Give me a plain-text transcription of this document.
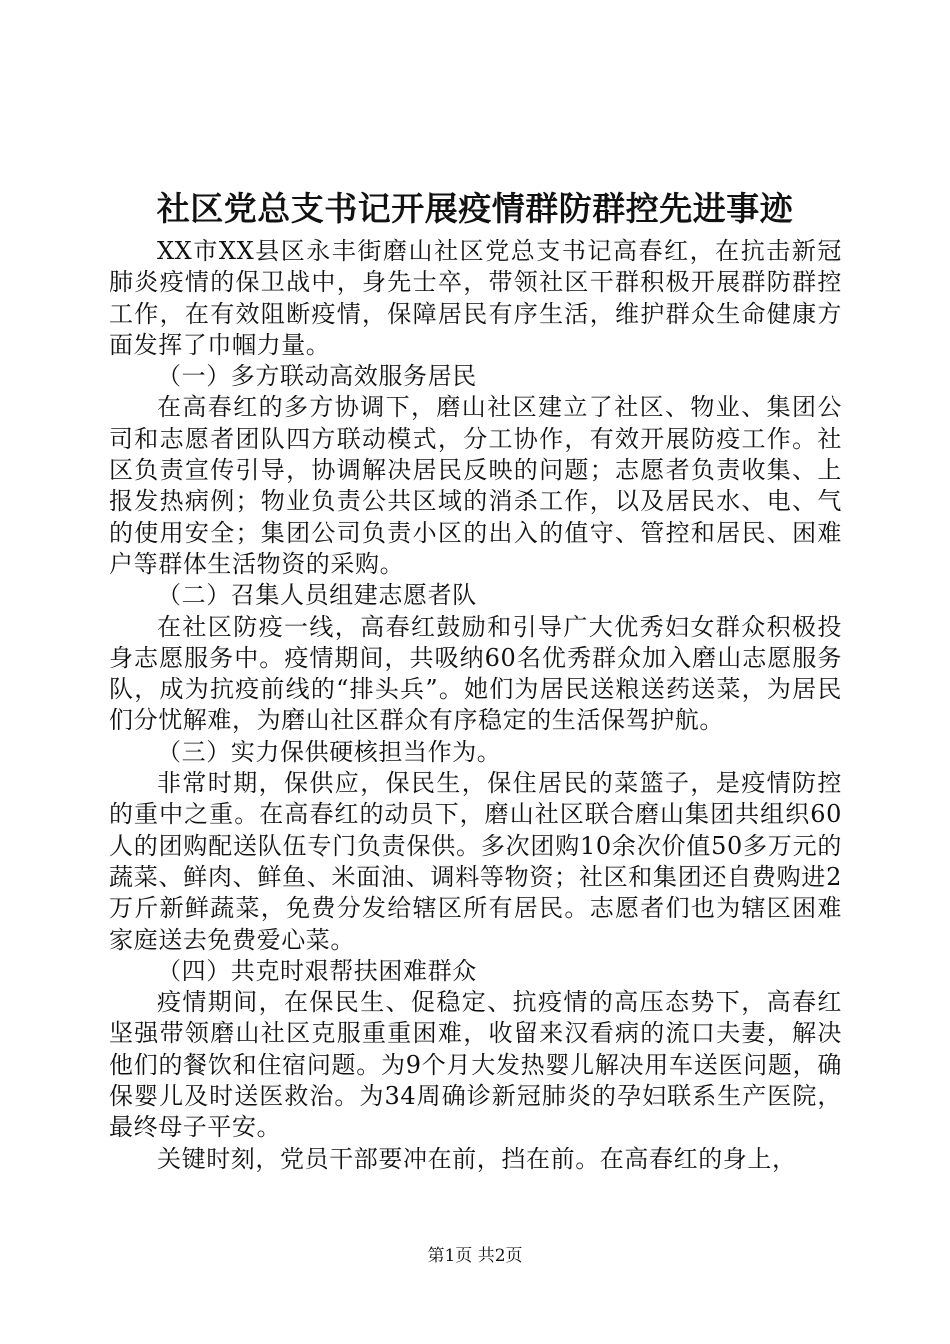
社区党总支书记开展疫情群防群控先进事迹

XX市XX县区永丰街磨山社区党总支书记高春红，在抗击新冠肺炎疫情的保卫战中，身先士卒，带领社区干群积极开展群防群控工作，在有效阻断疫情，保障居民有序生活，维护群众生命健康方面发挥了巾帼力量。

（一）多方联动高效服务居民

在高春红的多方协调下，磨山社区建立了社区、物业、集团公司和志愿者团队四方联动模式，分工协作，有效开展防疫工作。社区负责宣传引导，协调解决居民反映的问题；志愿者负责收集、上报发热病例；物业负责公共区域的消杀工作，以及居民水、电、气的使用安全；集团公司负责小区的出入的值守、管控和居民、困难户等群体生活物资的采购。

（二）召集人员组建志愿者队

在社区防疫一线，高春红鼓励和引导广大优秀妇女群众积极投身志愿服务中。疫情期间，共吸纳60名优秀群众加入磨山志愿服务队，成为抗疫前线的“排头兵”。她们为居民送粮送药送菜，为居民们分忧解难，为磨山社区群众有序稳定的生活保驾护航。

（三）实力保供硬核担当作为。

非常时期，保供应，保民生，保住居民的菜篮子，是疫情防控的重中之重。在高春红的动员下，磨山社区联合磨山集团共组织60人的团购配送队伍专门负责保供。多次团购10余次价值50多万元的蔬菜、鲜肉、鲜鱼、米面油、调料等物资；社区和集团还自费购进2万斤新鲜蔬菜，免费分发给辖区所有居民。志愿者们也为辖区困难家庭送去免费爱心菜。

（四）共克时艰帮扶困难群众

疫情期间，在保民生、促稳定、抗疫情的高压态势下，高春红坚强带领磨山社区克服重重困难，收留来汉看病的流口夫妻，解决他们的餐饮和住宿问题。为9个月大发热婴儿解决用车送医问题，确保婴儿及时送医救治。为34周确诊新冠肺炎的孕妇联系生产医院，最终母子平安。

关键时刻，党员干部要冲在前，挡在前。在高春红的身上，

第1页 共2页
